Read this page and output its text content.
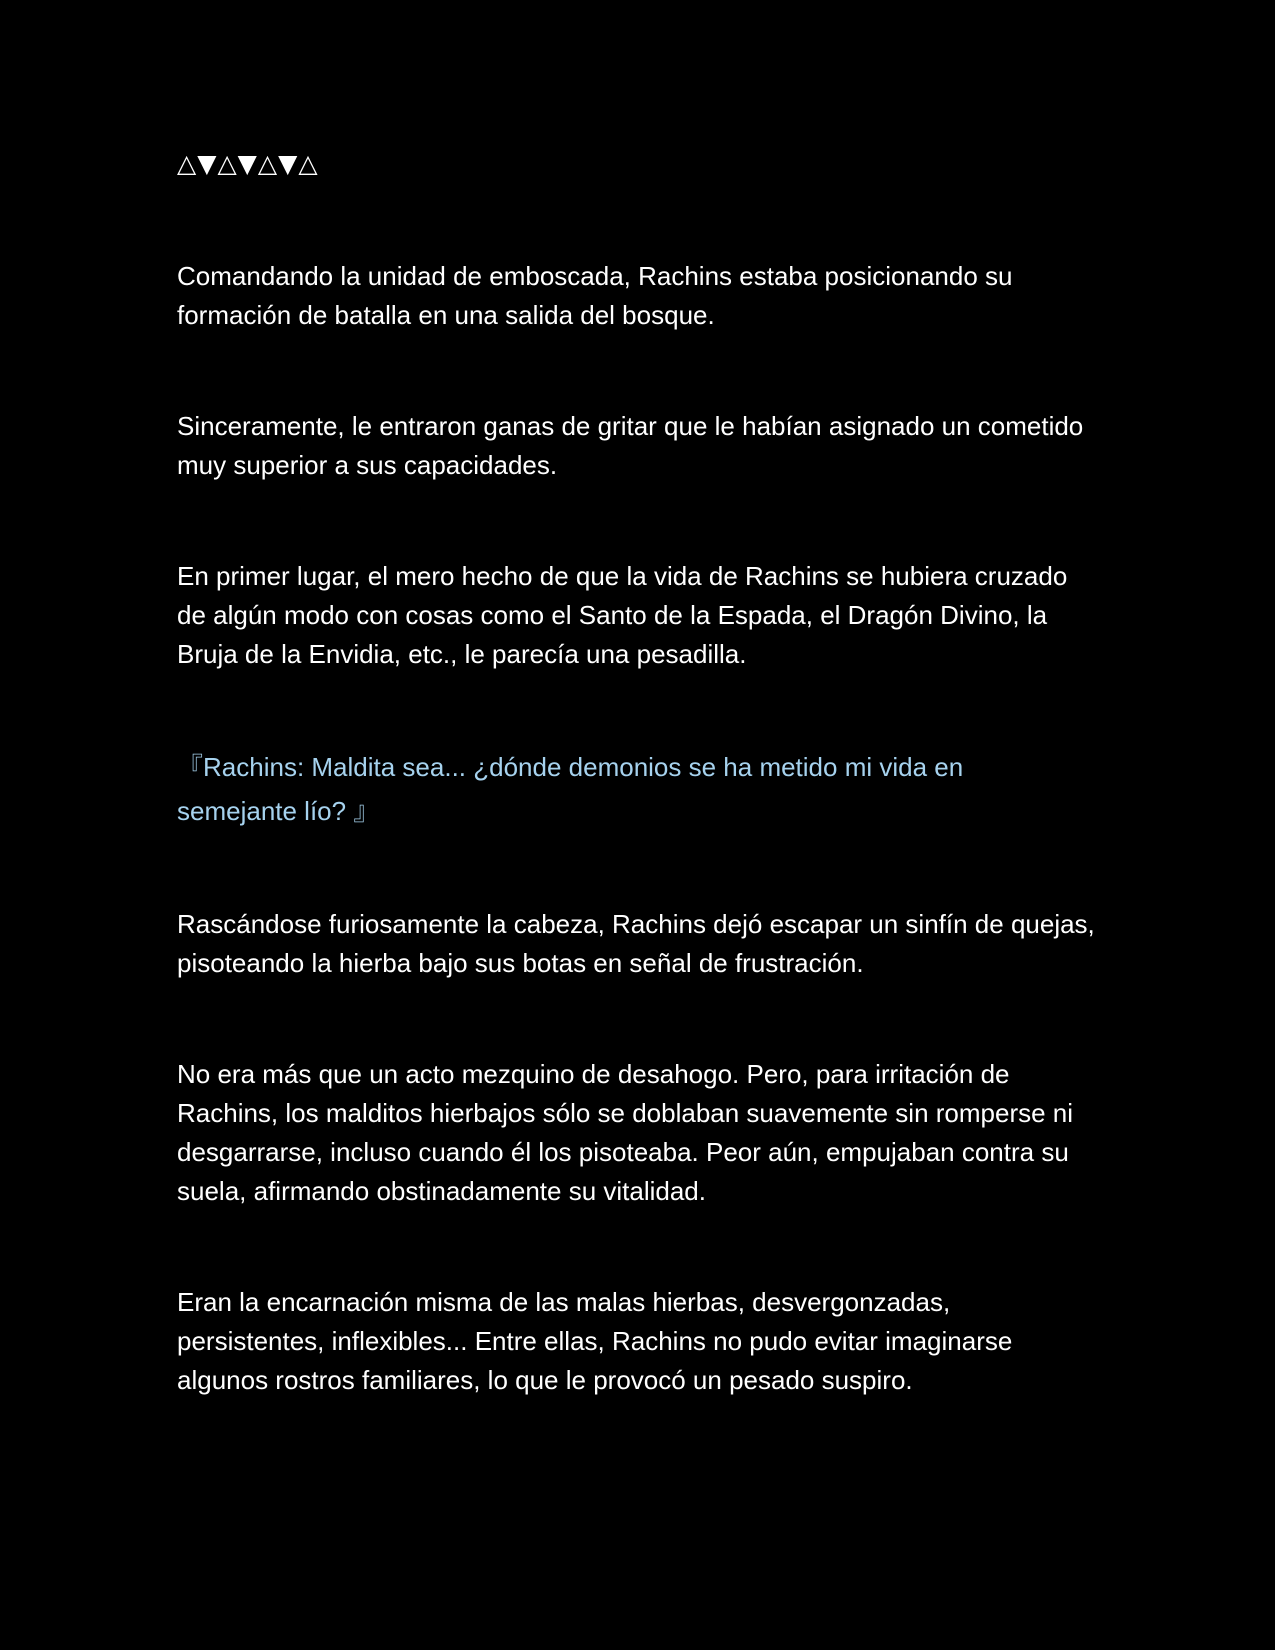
△▼△▼△▼△

Comandando la unidad de emboscada, Rachins estaba posicionando su formación de batalla en una salida del bosque.

Sinceramente, le entraron ganas de gritar que le habían asignado un cometido muy superior a sus capacidades.

En primer lugar, el mero hecho de que la vida de Rachins se hubiera cruzado de algún modo con cosas como el Santo de la Espada, el Dragón Divino, la Bruja de la Envidia, etc., le parecía una pesadilla.

『Rachins: Maldita sea... ¿dónde demonios se ha metido mi vida en semejante lío? 』

Rascándose furiosamente la cabeza, Rachins dejó escapar un sinfín de quejas, pisoteando la hierba bajo sus botas en señal de frustración.

No era más que un acto mezquino de desahogo. Pero, para irritación de Rachins, los malditos hierbajos sólo se doblaban suavemente sin romperse ni desgarrarse, incluso cuando él los pisoteaba. Peor aún, empujaban contra su suela, afirmando obstinadamente su vitalidad.

Eran la encarnación misma de las malas hierbas, desvergonzadas, persistentes, inflexibles... Entre ellas, Rachins no pudo evitar imaginarse algunos rostros familiares, lo que le provocó un pesado suspiro.
